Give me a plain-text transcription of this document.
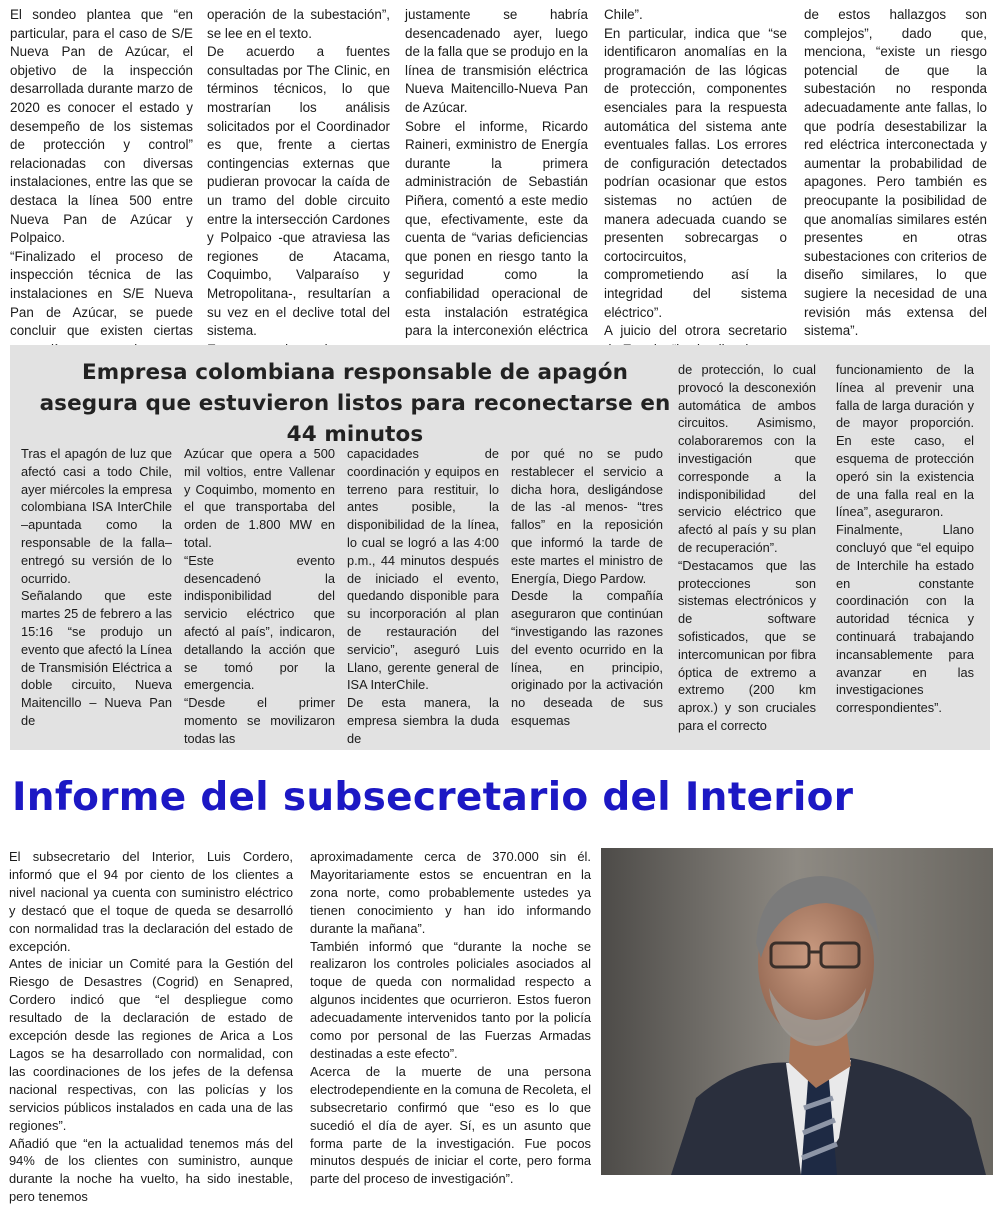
El sondeo plantea que “en particular, para el caso de S/E Nueva Pan de Azúcar, el objetivo de la inspección desarrollada durante marzo de 2020 es conocer el estado y desempeño de los sistemas de protección y control” relacionadas con diversas instalaciones, entre las que se destaca la línea 500 entre Nueva Pan de Azúcar y Polpaico.

“Finalizado el proceso de inspección técnica de las instalaciones en S/E Nueva Pan de Azúcar, se puede concluir que existen ciertas

operación de la subestación”, se lee en el texto.

De acuerdo a fuentes consultadas por The Clinic, en términos técnicos, lo que mostrarían los análisis solicitados por el Coordinador es que, frente a ciertas contingencias externas que pudieran provocar la caída de un tramo del doble circuito entre la intersección Cardones y Polpaico -que atraviesa las regiones de Atacama, Coquimbo, Valparaíso y Metropolitana-, resultarían a su vez en el declive total del sistema.

justamente se habría desencadenado ayer, luego de la falla que se produjo en la línea de transmisión eléctrica Nueva Maitencillo-Nueva Pan de Azúcar.

Sobre el informe, Ricardo Raineri, exministro de Energía durante la primera administración de Sebastián Piñera, comentó a este medio que, efectivamente, este da cuenta de “varias deficiencias que ponen en riesgo tanto la seguridad como la confiabilidad operacional de esta instalación estratégica para la interconexión eléctrica

Chile”.

En particular, indica que “se identificaron anomalías en la programación de las lógicas de protección, componentes esenciales para la respuesta automática del sistema ante eventuales fallas. Los errores de configuración detectados podrían ocasionar que estos sistemas no actúen de manera adecuada cuando se presenten sobrecargas o cortocircuitos, comprometiendo así la integridad del sistema eléctrico”.

A juicio del otrora secretario

de estos hallazgos son complejos”, dado que, menciona, “existe un riesgo potencial de que la subestación no responda adecuadamente ante fallas, lo que podría desestabilizar la red eléctrica interconectada y aumentar la probabilidad de apagones. Pero también es preocupante la posibilidad de que anomalías similares estén presentes en otras subestaciones con criterios de diseño similares, lo que sugiere la necesidad de una revisión más extensa del sistema”.

Empresa colombiana responsable de apagón asegura que estuvieron listos para reconectarse en 44 minutos

Tras el apagón de luz que afectó casi a todo Chile, ayer miércoles la empresa colombiana ISA InterChile –apuntada como la responsable de la falla– entregó su versión de lo ocurrido.

Señalando que este martes 25 de febrero a las 15:16 “se produjo un evento que afectó la Línea de Transmisión Eléctrica a doble circuito, Nueva Maitencillo – Nueva Pan de

Azúcar que opera a 500 mil voltios, entre Vallenar y Coquimbo, momento en el que transportaba del orden de 1.800 MW en total.

“Este evento desencadenó la indisponibilidad del servicio eléctrico que afectó al país”, indicaron, detallando la acción que se tomó por la emergencia.

“Desde el primer momento se movilizaron todas las

capacidades de coordinación y equipos en terreno para restituir, lo antes posible, la disponibilidad de la línea, lo cual se logró a las 4:00 p.m., 44 minutos después de iniciado el evento, quedando disponible para su incorporación al plan de restauración del servicio”, aseguró Luis Llano, gerente general de ISA InterChile.

De esta manera, la empresa siembra la duda de

por qué no se pudo restablecer el servicio a dicha hora, desligándose de las -al menos- “tres fallos” en la reposición que informó la tarde de este martes el ministro de Energía, Diego Pardow.

Desde la compañía aseguraron que continúan “investigando las razones del evento ocurrido en la línea, en principio, originado por la activación no deseada de sus esquemas

de protección, lo cual provocó la desconexión automática de ambos circuitos. Asimismo, colaboraremos con la investigación que corresponde a la indisponibilidad del servicio eléctrico que afectó al país y su plan de recuperación”.

“Destacamos que las protecciones son sistemas electrónicos y de software sofisticados, que se intercomunican por fibra óptica de extremo a extremo (200 km aprox.) y son cruciales para el correcto

funcionamiento de la línea al prevenir una falla de larga duración y de mayor proporción. En este caso, el esquema de protección operó sin la existencia de una falla real en la línea”, aseguraron.

Finalmente, Llano concluyó que “el equipo de Interchile ha estado en constante coordinación con la autoridad técnica y continuará trabajando incansablemente para avanzar en las investigaciones correspondientes”.

Informe del subsecretario del Interior

El subsecretario del Interior, Luis Cordero, informó que el 94 por ciento de los clientes a nivel nacional ya cuenta con suministro eléctrico y destacó que el toque de queda se desarrolló con normalidad tras la declaración del estado de excepción.

Antes de iniciar un Comité para la Gestión del Riesgo de Desastres (Cogrid) en Senapred, Cordero indicó que “el despliegue como resultado de la declaración de estado de excepción desde las regiones de Arica a Los Lagos se ha desarrollado con normalidad, con las coordinaciones de los jefes de la defensa nacional respectivas, con las policías y los servicios públicos instalados en cada una de las regiones”.

Añadió que “en la actualidad tenemos más del 94% de los clientes con suministro, aunque durante la noche ha vuelto, ha sido inestable, pero tenemos

aproximadamente cerca de 370.000 sin él. Mayoritariamente estos se encuentran en la zona norte, como probablemente ustedes ya tienen conocimiento y han ido informando durante la mañana”.

También informó que “durante la noche se realizaron los controles policiales asociados al toque de queda con normalidad respecto a algunos incidentes que ocurrieron. Estos fueron adecuadamente intervenidos tanto por la policía como por personal de las Fuerzas Armadas destinadas a este efecto”.

Acerca de la muerte de una persona electrodependiente en la comuna de Recoleta, el subsecretario confirmó que “eso es lo que sucedió el día de ayer. Sí, es un asunto que forma parte de la investigación. Fue pocos minutos después de iniciar el corte, pero forma parte del proceso de investigación”.
